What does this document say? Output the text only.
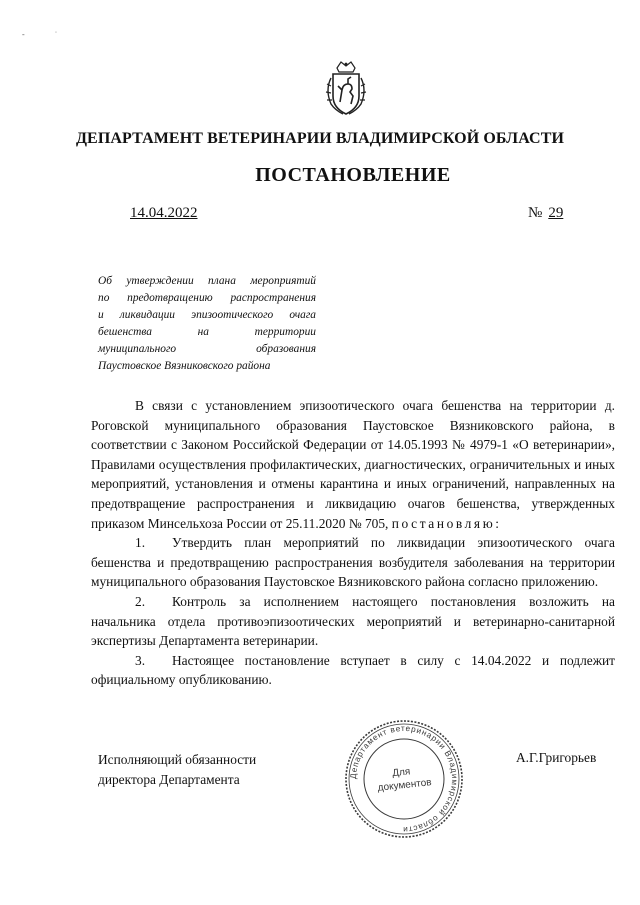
‑ ˙
ДЕПАРТАМЕНТ ВЕТЕРИНАРИИ ВЛАДИМИРСКОЙ ОБЛАСТИ
ПОСТАНОВЛЕНИЕ
14.04.2022	№ 29
Об утверждении плана мероприятий
по предотвращению распространения
и ликвидации эпизоотического очага
бешенства на территории
муниципального образования
Паустовское Вязниковского района

В связи с установлением эпизоотического очага бешенства на территории д. Роговской муниципального образования Паустовское Вязниковского района, в соответствии с Законом Российской Федерации от 14.05.1993 № 4979-1 «О ветеринарии», Правилами осуществления профилактических, диагностических, ограничительных и иных мероприятий, установления и отмены карантина и иных ограничений, направленных на предотвращение распространения и ликвидацию очагов бешенства, утвержденных приказом Минсельхоза России от 25.11.2020 № 705, постановляю:

1. Утвердить план мероприятий по ликвидации эпизоотического очага бешенства и предотвращению распространения возбудителя заболевания на территории муниципального образования Паустовское Вязниковского района согласно приложению.

2. Контроль за исполнением настоящего постановления возложить на начальника отдела противоэпизоотических мероприятий и ветеринарно-санитарной экспертизы Департамента ветеринарии.

3. Настоящее постановление вступает в силу с 14.04.2022 и подлежит официальному опубликованию.

Исполняющий обязанности
директора Департамента	Департамент ветеринарии Владимирской области
Для
документов
А.Г.Григорьев
